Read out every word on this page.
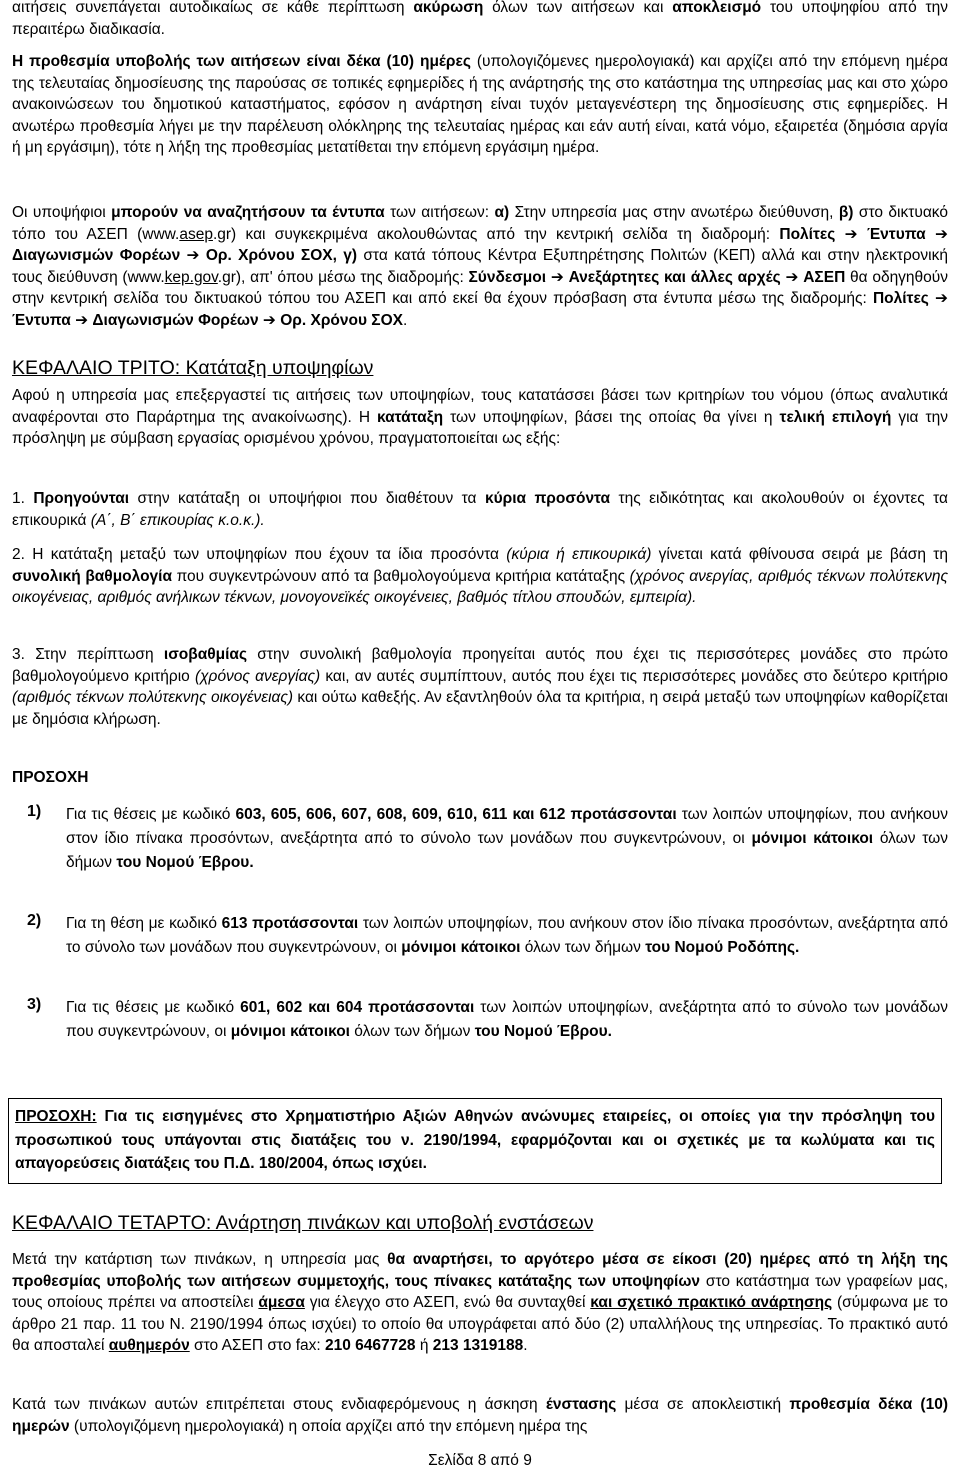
αιτήσεις συνεπάγεται αυτοδικαίως σε κάθε περίπτωση ακύρωση όλων των αιτήσεων και αποκλεισμό του υποψηφίου από την περαιτέρω διαδικασία.

Η προθεσμία υποβολής των αιτήσεων είναι δέκα (10) ημέρες (υπολογιζόμενες ημερολογιακά) και αρχίζει από την επόμενη ημέρα της τελευταίας δημοσίευσης της παρούσας σε τοπικές εφημερίδες ή της ανάρτησής της στο κατάστημα της υπηρεσίας μας και στο χώρο ανακοινώσεων του δημοτικού καταστήματος, εφόσον η ανάρτηση είναι τυχόν μεταγενέστερη της δημοσίευσης στις εφημερίδες. Η ανωτέρω προθεσμία λήγει με την παρέλευση ολόκληρης της τελευταίας ημέρας και εάν αυτή είναι, κατά νόμο, εξαιρετέα (δημόσια αργία ή μη εργάσιμη), τότε η λήξη της προθεσμίας μετατίθεται την επόμενη εργάσιμη ημέρα.

Οι υποψήφιοι μπορούν να αναζητήσουν τα έντυπα των αιτήσεων: α) Στην υπηρεσία μας στην ανωτέρω διεύθυνση, β) στο δικτυακό τόπο του ΑΣΕΠ (www.asep.gr) και συγκεκριμένα ακολουθώντας από την κεντρική σελίδα τη διαδρομή: Πολίτες ➔ Έντυπα ➔ Διαγωνισμών Φορέων ➔ Ορ. Χρόνου ΣΟΧ, γ) στα κατά τόπους Κέντρα Εξυπηρέτησης Πολιτών (ΚΕΠ) αλλά και στην ηλεκτρονική τους διεύθυνση (www.kep.gov.gr), απ' όπου μέσω της διαδρομής: Σύνδεσμοι ➔ Ανεξάρτητες και άλλες αρχές ➔ ΑΣΕΠ θα οδηγηθούν στην κεντρική σελίδα του δικτυακού τόπου του ΑΣΕΠ και από εκεί θα έχουν πρόσβαση στα έντυπα μέσω της διαδρομής: Πολίτες ➔ Έντυπα ➔ Διαγωνισμών Φορέων ➔ Ορ. Χρόνου ΣΟΧ.

ΚΕΦΑΛΑΙΟ ΤΡΙΤΟ: Κατάταξη υποψηφίων

Αφού η υπηρεσία μας επεξεργαστεί τις αιτήσεις των υποψηφίων, τους κατατάσσει βάσει των κριτηρίων του νόμου (όπως αναλυτικά αναφέρονται στο Παράρτημα της ανακοίνωσης). Η κατάταξη των υποψηφίων, βάσει της οποίας θα γίνει η τελική επιλογή για την πρόσληψη με σύμβαση εργασίας ορισμένου χρόνου, πραγματοποιείται ως εξής:

1. Προηγούνται στην κατάταξη οι υποψήφιοι που διαθέτουν τα κύρια προσόντα της ειδικότητας και ακολουθούν οι έχοντες τα επικουρικά (Α΄, Β΄ επικουρίας κ.ο.κ.).

2. Η κατάταξη μεταξύ των υποψηφίων που έχουν τα ίδια προσόντα (κύρια ή επικουρικά) γίνεται κατά φθίνουσα σειρά με βάση τη συνολική βαθμολογία που συγκεντρώνουν από τα βαθμολογούμενα κριτήρια κατάταξης (χρόνος ανεργίας, αριθμός τέκνων πολύτεκνης οικογένειας, αριθμός ανήλικων τέκνων, μονογονεϊκές οικογένειες, βαθμός τίτλου σπουδών, εμπειρία).

3. Στην περίπτωση ισοβαθμίας στην συνολική βαθμολογία προηγείται αυτός που έχει τις περισσότερες μονάδες στο πρώτο βαθμολογούμενο κριτήριο (χρόνος ανεργίας) και, αν αυτές συμπίπτουν, αυτός που έχει τις περισσότερες μονάδες στο δεύτερο κριτήριο (αριθμός τέκνων πολύτεκνης οικογένειας) και ούτω καθεξής. Αν εξαντληθούν όλα τα κριτήρια, η σειρά μεταξύ των υποψηφίων καθορίζεται με δημόσια κλήρωση.

ΠΡΟΣΟΧΗ

1) Για τις θέσεις με κωδικό 603, 605, 606, 607, 608, 609, 610, 611 και 612 προτάσσονται των λοιπών υποψηφίων, που ανήκουν στον ίδιο πίνακα προσόντων, ανεξάρτητα από το σύνολο των μονάδων που συγκεντρώνουν, οι μόνιμοι κάτοικοι όλων των δήμων του Νομού Έβρου.

2) Για τη θέση με κωδικό 613 προτάσσονται των λοιπών υποψηφίων, που ανήκουν στον ίδιο πίνακα προσόντων, ανεξάρτητα από το σύνολο των μονάδων που συγκεντρώνουν, οι μόνιμοι κάτοικοι όλων των δήμων του Νομού Ροδόπης.

3) Για τις θέσεις με κωδικό 601, 602 και 604 προτάσσονται των λοιπών υποψηφίων, ανεξάρτητα από το σύνολο των μονάδων που συγκεντρώνουν, οι μόνιμοι κάτοικοι όλων των δήμων του Νομού Έβρου.

ΠΡΟΣΟΧΗ: Για τις εισηγμένες στο Χρηματιστήριο Αξιών Αθηνών ανώνυμες εταιρείες, οι οποίες για την πρόσληψη του προσωπικού τους υπάγονται στις διατάξεις του ν. 2190/1994, εφαρμόζονται και οι σχετικές με τα κωλύματα και τις απαγορεύσεις διατάξεις του Π.Δ. 180/2004, όπως ισχύει.

ΚΕΦΑΛΑΙΟ ΤΕΤΑΡΤΟ: Ανάρτηση πινάκων και υποβολή ενστάσεων

Μετά την κατάρτιση των πινάκων, η υπηρεσία μας θα αναρτήσει, το αργότερο μέσα σε είκοσι (20) ημέρες από τη λήξη της προθεσμίας υποβολής των αιτήσεων συμμετοχής, τους πίνακες κατάταξης των υποψηφίων στο κατάστημα των γραφείων μας, τους οποίους πρέπει να αποστείλει άμεσα για έλεγχο στο ΑΣΕΠ, ενώ θα συνταχθεί και σχετικό πρακτικό ανάρτησης (σύμφωνα με το άρθρο 21 παρ. 11 του Ν. 2190/1994 όπως ισχύει) το οποίο θα υπογράφεται από δύο (2) υπαλλήλους της υπηρεσίας. Το πρακτικό αυτό θα αποσταλεί αυθημερόν στο ΑΣΕΠ στο fax: 210 6467728 ή 213 1319188.

Κατά των πινάκων αυτών επιτρέπεται στους ενδιαφερόμενους η άσκηση ένστασης μέσα σε αποκλειστική προθεσμία δέκα (10) ημερών (υπολογιζόμενη ημερολογιακά) η οποία αρχίζει από την επόμενη ημέρα της

Σελίδα 8 από 9
